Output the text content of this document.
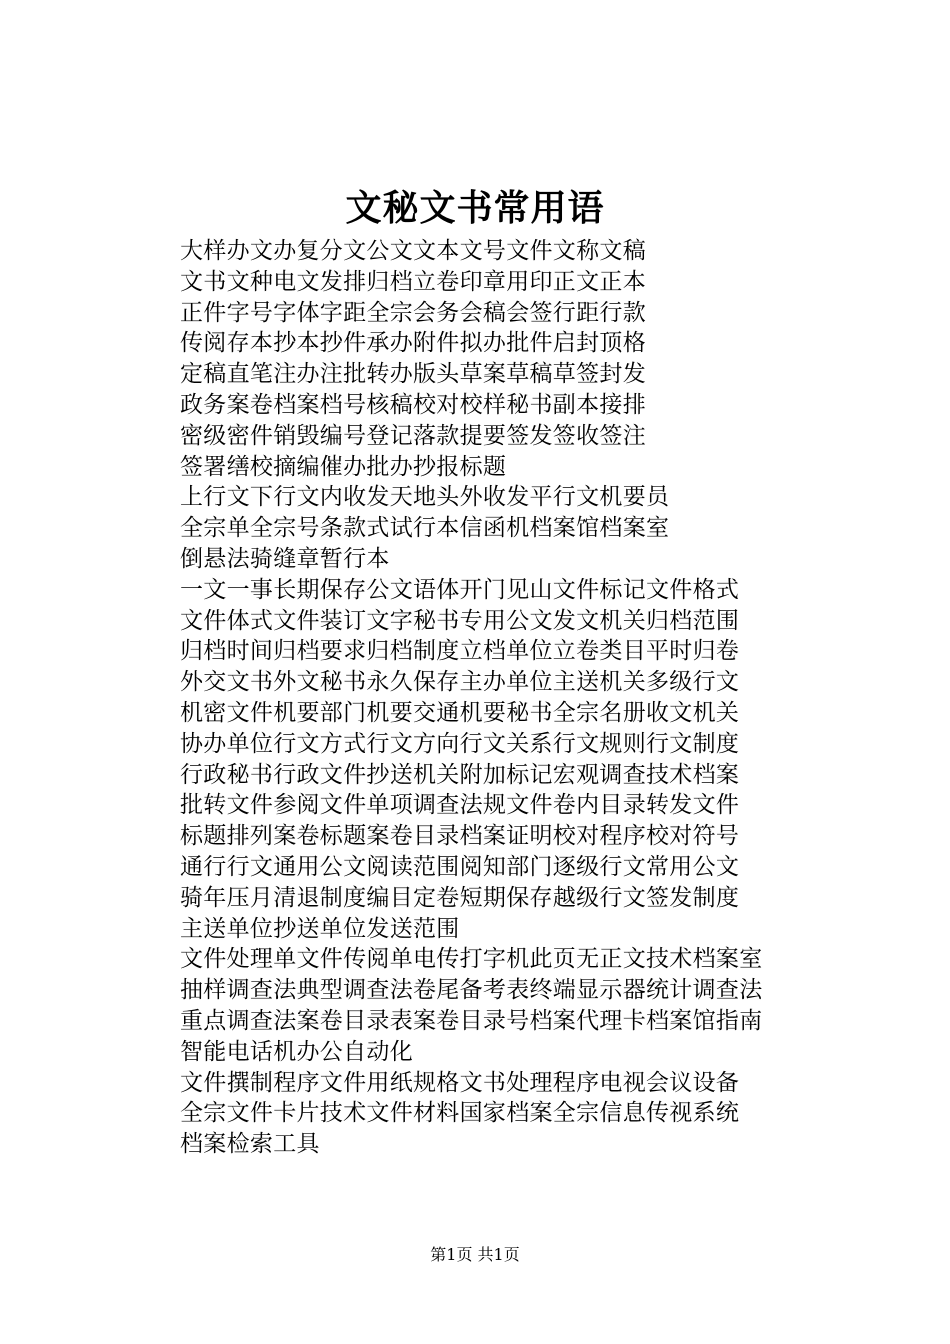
文秘文书常用语
大样办文办复分文公文文本文号文件文称文稿
文书文种电文发排归档立卷印章用印正文正本
正件字号字体字距全宗会务会稿会签行距行款
传阅存本抄本抄件承办附件拟办批件启封顶格
定稿直笔注办注批转办版头草案草稿草签封发
政务案卷档案档号核稿校对校样秘书副本接排
密级密件销毁编号登记落款提要签发签收签注
签署缮校摘编催办批办抄报标题
上行文下行文内收发天地头外收发平行文机要员
全宗单全宗号条款式试行本信函机档案馆档案室
倒悬法骑缝章暂行本
一文一事长期保存公文语体开门见山文件标记文件格式
文件体式文件装订文字秘书专用公文发文机关归档范围
归档时间归档要求归档制度立档单位立卷类目平时归卷
外交文书外文秘书永久保存主办单位主送机关多级行文
机密文件机要部门机要交通机要秘书全宗名册收文机关
协办单位行文方式行文方向行文关系行文规则行文制度
行政秘书行政文件抄送机关附加标记宏观调查技术档案
批转文件参阅文件单项调查法规文件卷内目录转发文件
标题排列案卷标题案卷目录档案证明校对程序校对符号
通行行文通用公文阅读范围阅知部门逐级行文常用公文
骑年压月清退制度编目定卷短期保存越级行文签发制度
主送单位抄送单位发送范围
文件处理单文件传阅单电传打字机此页无正文技术档案室
抽样调查法典型调查法卷尾备考表终端显示器统计调查法
重点调查法案卷目录表案卷目录号档案代理卡档案馆指南
智能电话机办公自动化
文件撰制程序文件用纸规格文书处理程序电视会议设备
全宗文件卡片技术文件材料国家档案全宗信息传视系统
档案检索工具
第1页 共1页
